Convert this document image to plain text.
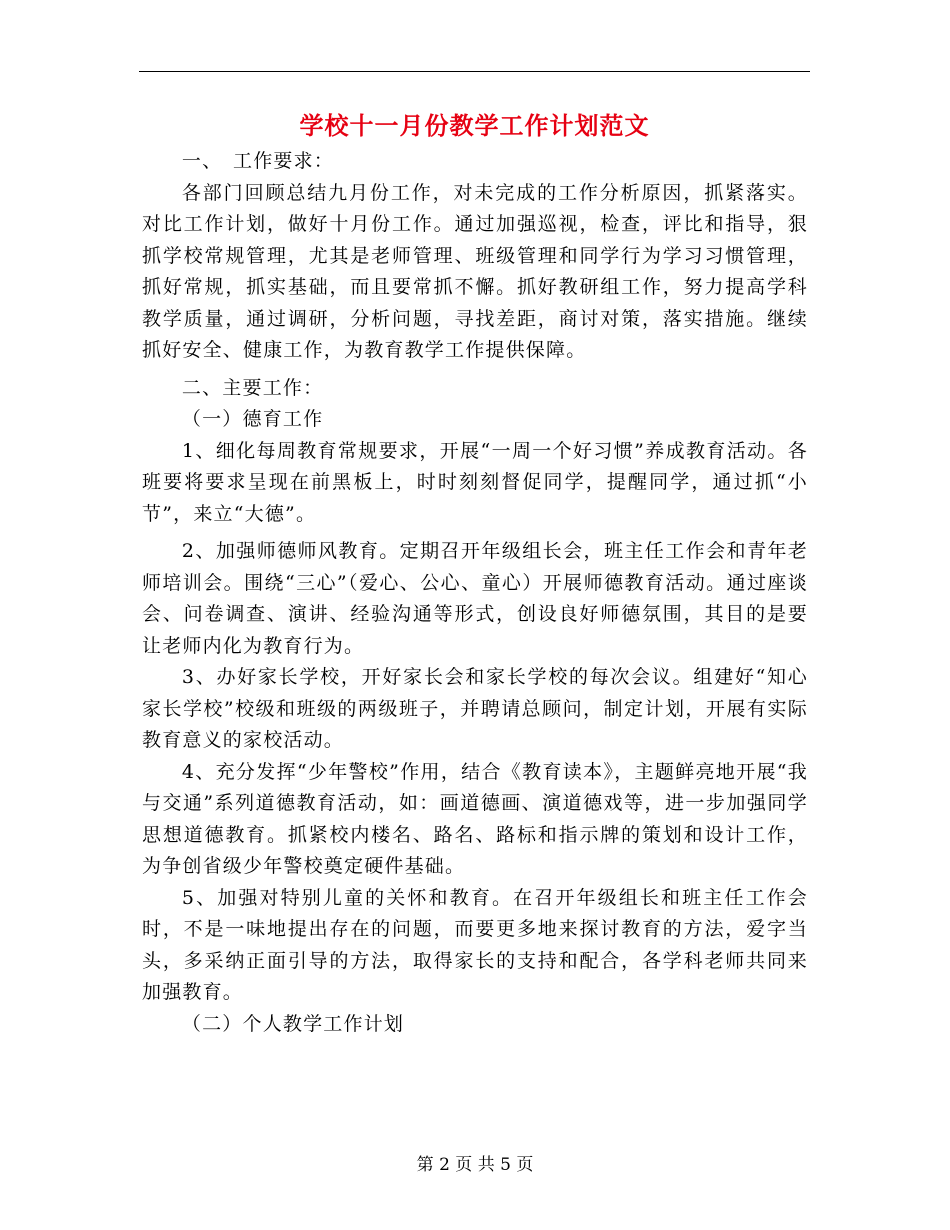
学校十一月份教学工作计划范文

一、　工作要求：

各部门回顾总结九月份工作，对未完成的工作分析原因，抓紧落实。对比工作计划，做好十月份工作。通过加强巡视，检查，评比和指导，狠抓学校常规管理，尤其是老师管理、班级管理和同学行为学习习惯管理，抓好常规，抓实基础，而且要常抓不懈。抓好教研组工作，努力提高学科教学质量，通过调研，分析问题，寻找差距，商讨对策，落实措施。继续抓好安全、健康工作，为教育教学工作提供保障。

二、主要工作：

（一）德育工作

1、细化每周教育常规要求，开展“一周一个好习惯”养成教育活动。各班要将要求呈现在前黑板上，时时刻刻督促同学，提醒同学，通过抓“小节”，来立“大德”。

2、加强师德师风教育。定期召开年级组长会，班主任工作会和青年老师培训会。围绕“三心”（爱心、公心、童心）开展师德教育活动。通过座谈会、问卷调查、演讲、经验沟通等形式，创设良好师德氛围，其目的是要让老师内化为教育行为。

3、办好家长学校，开好家长会和家长学校的每次会议。组建好“知心家长学校”校级和班级的两级班子，并聘请总顾问，制定计划，开展有实际教育意义的家校活动。

4、充分发挥“少年警校”作用，结合《教育读本》，主题鲜亮地开展“我与交通”系列道德教育活动，如：画道德画、演道德戏等，进一步加强同学思想道德教育。抓紧校内楼名、路名、路标和指示牌的策划和设计工作，为争创省级少年警校奠定硬件基础。

5、加强对特别儿童的关怀和教育。在召开年级组长和班主任工作会时，不是一味地提出存在的问题，而要更多地来探讨教育的方法，爱字当头，多采纳正面引导的方法，取得家长的支持和配合，各学科老师共同来加强教育。

（二）个人教学工作计划

第 2 页 共 5 页
